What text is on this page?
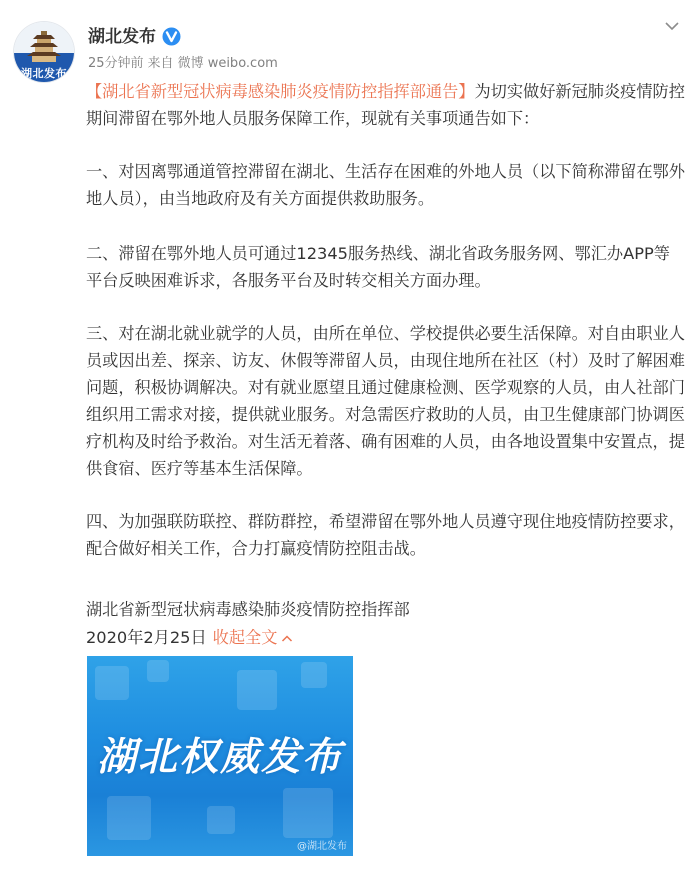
湖北发布
湖北发布
25分钟前 来自 微博 weibo.com

【湖北省新型冠状病毒感染肺炎疫情防控指挥部通告】为切实做好新冠肺炎疫情防控期间滞留在鄂外地人员服务保障工作，现就有关事项通告如下：

一、对因离鄂通道管控滞留在湖北、生活存在困难的外地人员（以下简称滞留在鄂外地人员），由当地政府及有关方面提供救助服务。

二、滞留在鄂外地人员可通过12345服务热线、湖北省政务服务网、鄂汇办APP等平台反映困难诉求，各服务平台及时转交相关方面办理。

三、对在湖北就业就学的人员，由所在单位、学校提供必要生活保障。对自由职业人员或因出差、探亲、访友、休假等滞留人员，由现住地所在社区（村）及时了解困难问题，积极协调解决。对有就业愿望且通过健康检测、医学观察的人员，由人社部门组织用工需求对接，提供就业服务。对急需医疗救助的人员，由卫生健康部门协调医疗机构及时给予救治。对生活无着落、确有困难的人员，由各地设置集中安置点，提供食宿、医疗等基本生活保障。

四、为加强联防联控、群防群控，希望滞留在鄂外地人员遵守现住地疫情防控要求，配合做好相关工作，合力打赢疫情防控阻击战。

湖北省新型冠状病毒感染肺炎疫情防控指挥部
2020年2月25日 收起全文
湖北权威发布
@湖北发布
